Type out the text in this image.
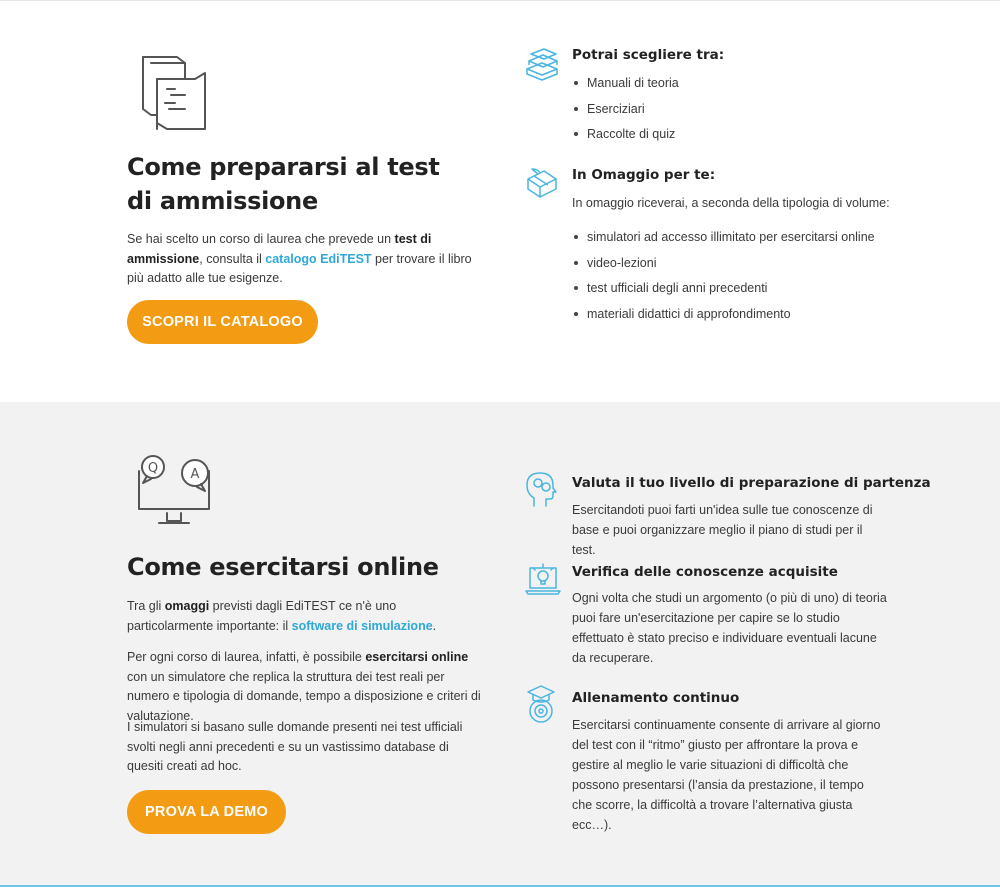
Come prepararsi al test di ammissione
Se hai scelto un corso di laurea che prevede un test di ammissione, consulta il catalogo EdiTEST per trovare il libro più adatto alle tue esigenze.
SCOPRI IL CATALOGO
Potrai scegliere tra:
Manuali di teoria
Eserciziari
Raccolte di quiz
In Omaggio per te:
In omaggio riceverai, a seconda della tipologia di volume:
simulatori ad accesso illimitato per esercitarsi online
video-lezioni
test ufficiali degli anni precedenti
materiali didattici di approfondimento
Q A
Come esercitarsi online
Tra gli omaggi previsti dagli EdiTEST ce n'è uno particolarmente importante: il software di simulazione.
Per ogni corso di laurea, infatti, è possibile esercitarsi online con un simulatore che replica la struttura dei test reali per numero e tipologia di domande, tempo a disposizione e criteri di valutazione.
I simulatori si basano sulle domande presenti nei test ufficiali svolti negli anni precedenti e su un vastissimo database di quesiti creati ad hoc.
PROVA LA DEMO
Valuta il tuo livello di preparazione di partenza
Esercitandoti puoi farti un'idea sulle tue conoscenze di base e puoi organizzare meglio il piano di studi per il test.
Verifica delle conoscenze acquisite
Ogni volta che studi un argomento (o più di uno) di teoria puoi fare un'esercitazione per capire se lo studio effettuato è stato preciso e individuare eventuali lacune da recuperare.
Allenamento continuo
Esercitarsi continuamente consente di arrivare al giorno del test con il “ritmo” giusto per affrontare la prova e gestire al meglio le varie situazioni di difficoltà che possono presentarsi (l’ansia da prestazione, il tempo che scorre, la difficoltà a trovare l’alternativa giusta ecc…).
